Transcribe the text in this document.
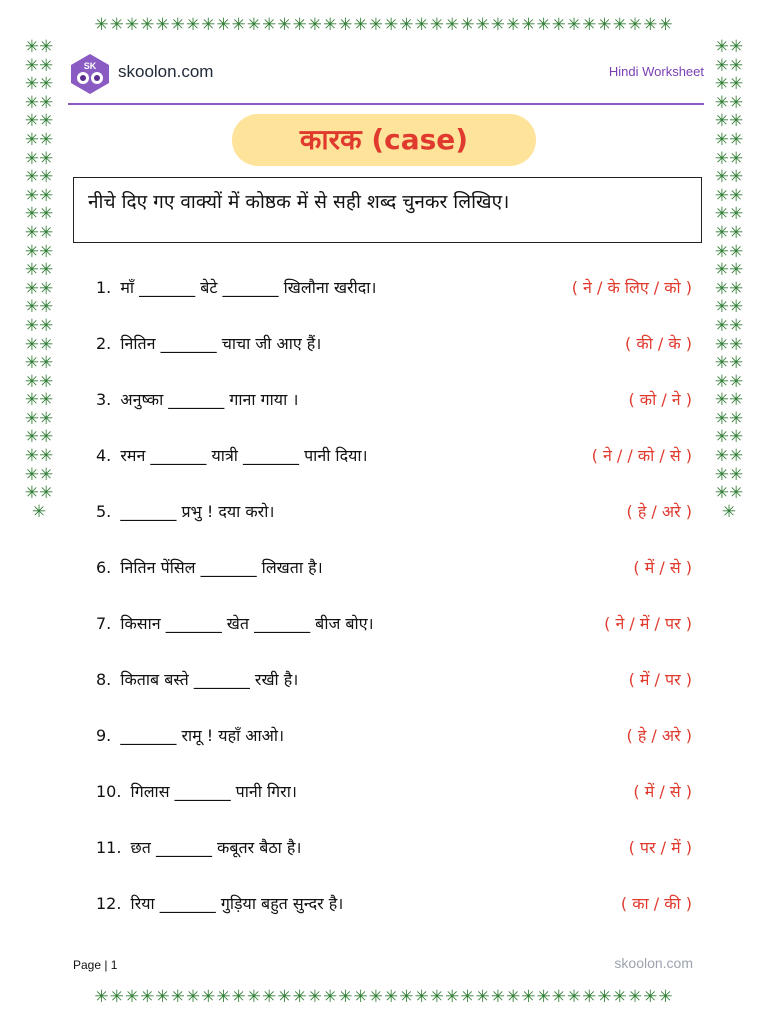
✳✳✳✳✳✳✳✳✳✳✳✳✳✳✳✳✳✳✳✳✳✳✳✳✳✳✳✳✳✳✳✳✳✳✳✳✳✳
✳✳✳✳✳✳✳✳✳✳✳✳✳✳✳✳✳✳✳✳✳✳✳✳✳✳✳✳✳✳✳✳✳✳✳✳✳✳
✳✳✳✳✳✳✳✳✳✳✳✳✳✳✳✳✳✳✳✳✳✳✳✳✳✳✳✳✳✳✳✳✳✳✳✳✳✳✳✳✳✳✳✳✳✳✳✳✳✳✳
✳✳✳✳✳✳✳✳✳✳✳✳✳✳✳✳✳✳✳✳✳✳✳✳✳✳✳✳✳✳✳✳✳✳✳✳✳✳✳✳✳✳✳✳✳✳✳✳✳✳✳
SK skoolon.com	Hindi Worksheet
कारक (case)
नीचे दिए गए वाक्यों में कोष्ठक में से सही शब्द चुनकर लिखिए।
1. माँ _______ बेटे _______ खिलौना खरीदा।	( ने / के लिए / को )
2. नितिन _______ चाचा जी आए हैं।	( की / के )
3. अनुष्का _______ गाना गाया ।	( को / ने )
4. रमन _______ यात्री _______ पानी दिया।	( ने / / को / से )
5. _______ प्रभु ! दया करो।	( हे / अरे )
6. नितिन पेंसिल _______ लिखता है।	( में / से )
7. किसान _______ खेत _______ बीज बोए।	( ने / में / पर )
8. किताब बस्ते _______ रखी है।	( में / पर )
9. _______ रामू ! यहाँ आओ।	( हे / अरे )
10. गिलास _______ पानी गिरा।	( में / से )
11. छत _______ कबूतर बैठा है।	( पर / में )
12. रिया _______ गुड़िया बहुत सुन्दर है।	( का / की )
Page | 1	skoolon.com
